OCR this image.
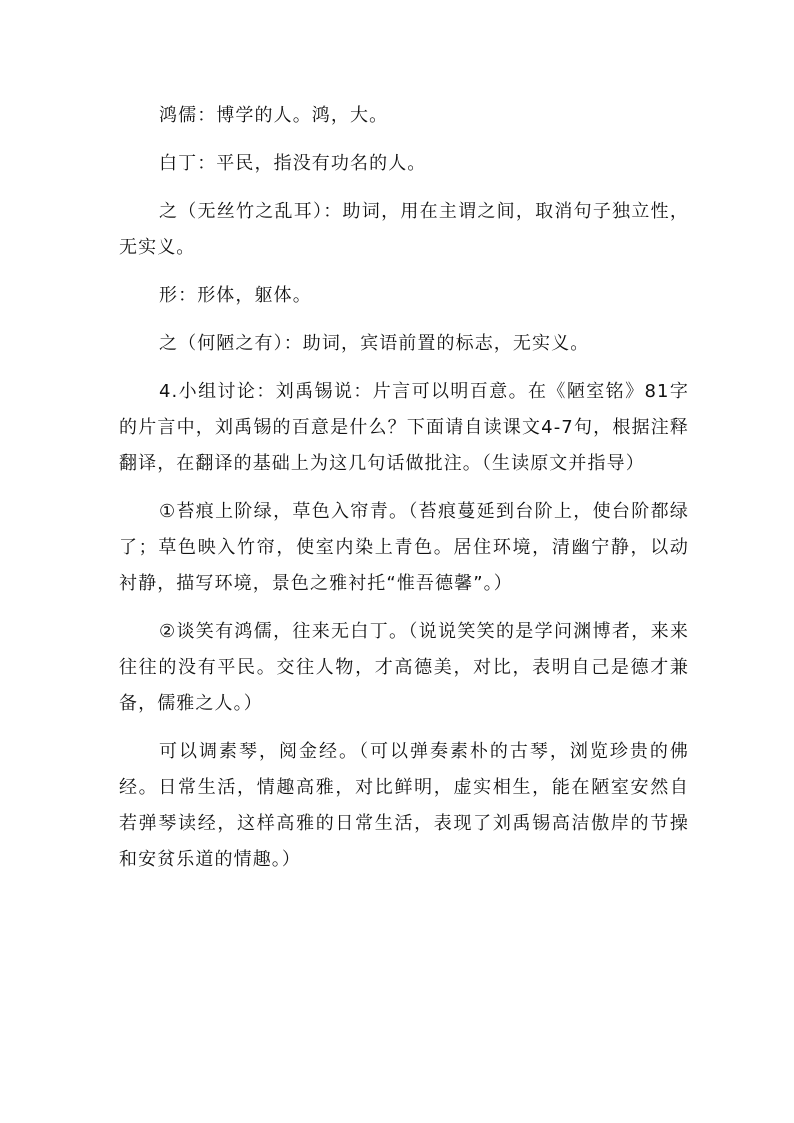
鸿儒：博学的人。鸿，大。

白丁：平民，指没有功名的人。

之（无丝竹之乱耳）：助词，用在主谓之间，取消句子独立性，无实义。

形：形体，躯体。

之（何陋之有）：助词，宾语前置的标志，无实义。

4.小组讨论：刘禹锡说：片言可以明百意。在《陋室铭》81字的片言中，刘禹锡的百意是什么？下面请自读课文4-7句，根据注释翻译，在翻译的基础上为这几句话做批注。（生读原文并指导）

①苔痕上阶绿，草色入帘青。（苔痕蔓延到台阶上，使台阶都绿了；草色映入竹帘，使室内染上青色。居住环境，清幽宁静，以动衬静，描写环境，景色之雅衬托“惟吾德馨”。）

②谈笑有鸿儒，往来无白丁。（说说笑笑的是学问渊博者，来来往往的没有平民。交往人物，才高德美，对比，表明自己是德才兼备，儒雅之人。）

可以调素琴，阅金经。（可以弹奏素朴的古琴，浏览珍贵的佛经。日常生活，情趣高雅，对比鲜明，虚实相生，能在陋室安然自若弹琴读经，这样高雅的日常生活，表现了刘禹锡高洁傲岸的节操和安贫乐道的情趣。）
